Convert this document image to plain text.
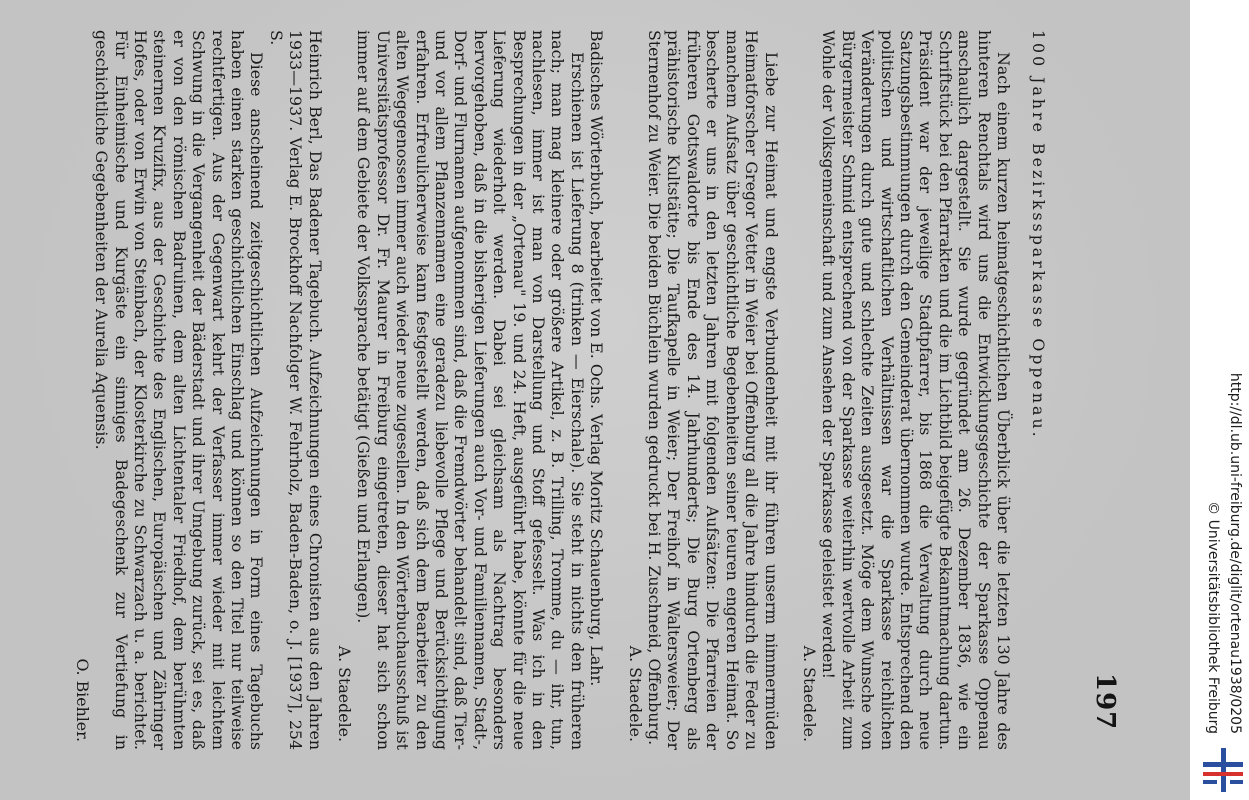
197

100 Jahre Bezirkssparkasse Oppenau.

Nach einem kurzen heimatgeschichtlichen Überblick über die letzten 130 Jahre des hinteren Renchtals wird uns die Entwicklungsgeschichte der Sparkasse Oppenau anschaulich dargestellt. Sie wurde gegründet am 26. Dezember 1836, wie ein Schriftstück bei den Pfarrakten und die im Lichtbild beigefügte Bekanntmachung dartun. Präsident war der jeweilige Stadtpfarrer, bis 1868 die Verwaltung durch neue Satzungsbestimmungen durch den Gemeinderat übernommen wurde. Entsprechend den politischen und wirtschaftlichen Verhältnissen war die Sparkasse reichlichen Veränderungen durch gute und schlechte Zeiten ausgesetzt. Möge dem Wunsche von Bürgermeister Schmid entsprechend von der Sparkasse weiterhin wertvolle Arbeit zum Wohle der Volksgemeinschaft und zum Ansehen der Sparkasse geleistet werden!

A. Staedele.

Liebe zur Heimat und engste Verbundenheit mit ihr führen unserm nimmermüden Heimatforscher Gregor Vetter in Weier bei Offenburg all die Jahre hindurch die Feder zu manchem Aufsatz über geschichtliche Begebenheiten seiner teuren engeren Heimat. So bescherte er uns in den letzten Jahren mit folgenden Aufsätzen: Die Pfarreien der früheren Gottswaldorte bis Ende des 14. Jahrhunderts; Die Burg Ortenberg als prähistorische Kultstätte; Die Taufkapelle in Weier; Der Freihof in Waltersweier; Der Sternenhof zu Weier. Die beiden Büchlein wurden gedruckt bei H. Zuschneid, Offenburg.

A. Staedele.

Badisches Wörterbuch, bearbeitet von E. Ochs. Verlag Moritz Schauenburg, Lahr.

Erschienen ist Lieferung 8 (trinken — Eierschale). Sie steht in nichts den früheren nach; man mag kleinere oder größere Artikel, z. B. Trilling, Tromme, du — ihr, tun, nachlesen, immer ist man von Darstellung und Stoff gefesselt. Was ich in den Besprechungen in der „Ortenau" 19. und 24. Heft, ausgeführt habe, könnte für die neue Lieferung wiederholt werden. Dabei sei gleichsam als Nachtrag besonders hervorgehoben, daß in die bisherigen Lieferungen auch Vor- und Familiennamen, Stadt-, Dorf- und Flurnamen aufgenommen sind, daß die Fremdwörter behandelt sind, daß Tier- und vor allem Pflanzennamen eine geradezu liebevolle Pflege und Berücksichtigung erfahren. Erfreulicherweise kann festgestellt werden, daß sich dem Bearbeiter zu den alten Wegegenossen immer auch wieder neue zugesellen. In den Wörterbuchausschuß ist Universitätsprofessor Dr. Fr. Maurer in Freiburg eingetreten, dieser hat sich schon immer auf dem Gebiete der Volkssprache betätigt (Gießen und Erlangen).

A. Staedele.

Heinrich Berl, Das Badener Tagebuch. Aufzeichnungen eines Chronisten aus den Jahren 1933—1937. Verlag E. Brockhoff Nachfolger W. Fehrholz, Baden-Baden, o. J. [1937], 254 S.

Diese anscheinend zeitgeschichtlichen Aufzeichnungen in Form eines Tagebuchs haben einen starken geschichtlichen Einschlag und können so den Titel nur teilweise rechtfertigen. Aus der Gegenwart kehrt der Verfasser immer wieder mit leichtem Schwung in die Vergangenheit der Bäderstadt und ihrer Umgebung zurück, sei es, daß er von den römischen Badruinen, dem alten Lichtentaler Friedhof, dem berühmten steinernen Kruzifix, aus der Geschichte des Englischen, Europäischen und Zähringer Hofes, oder von Erwin von Steinbach, der Klosterkirche zu Schwarzach u. a. berichtet. Für Einheimische und Kurgäste ein sinniges Badegeschenk zur Vertiefung in geschichtliche Gegebenheiten der Aurelia Aquensis.

O. Biehler.	http://dl.ub.uni-freiburg.de/diglit/ortenau1938/0205
© Universitätsbibliothek Freiburg
